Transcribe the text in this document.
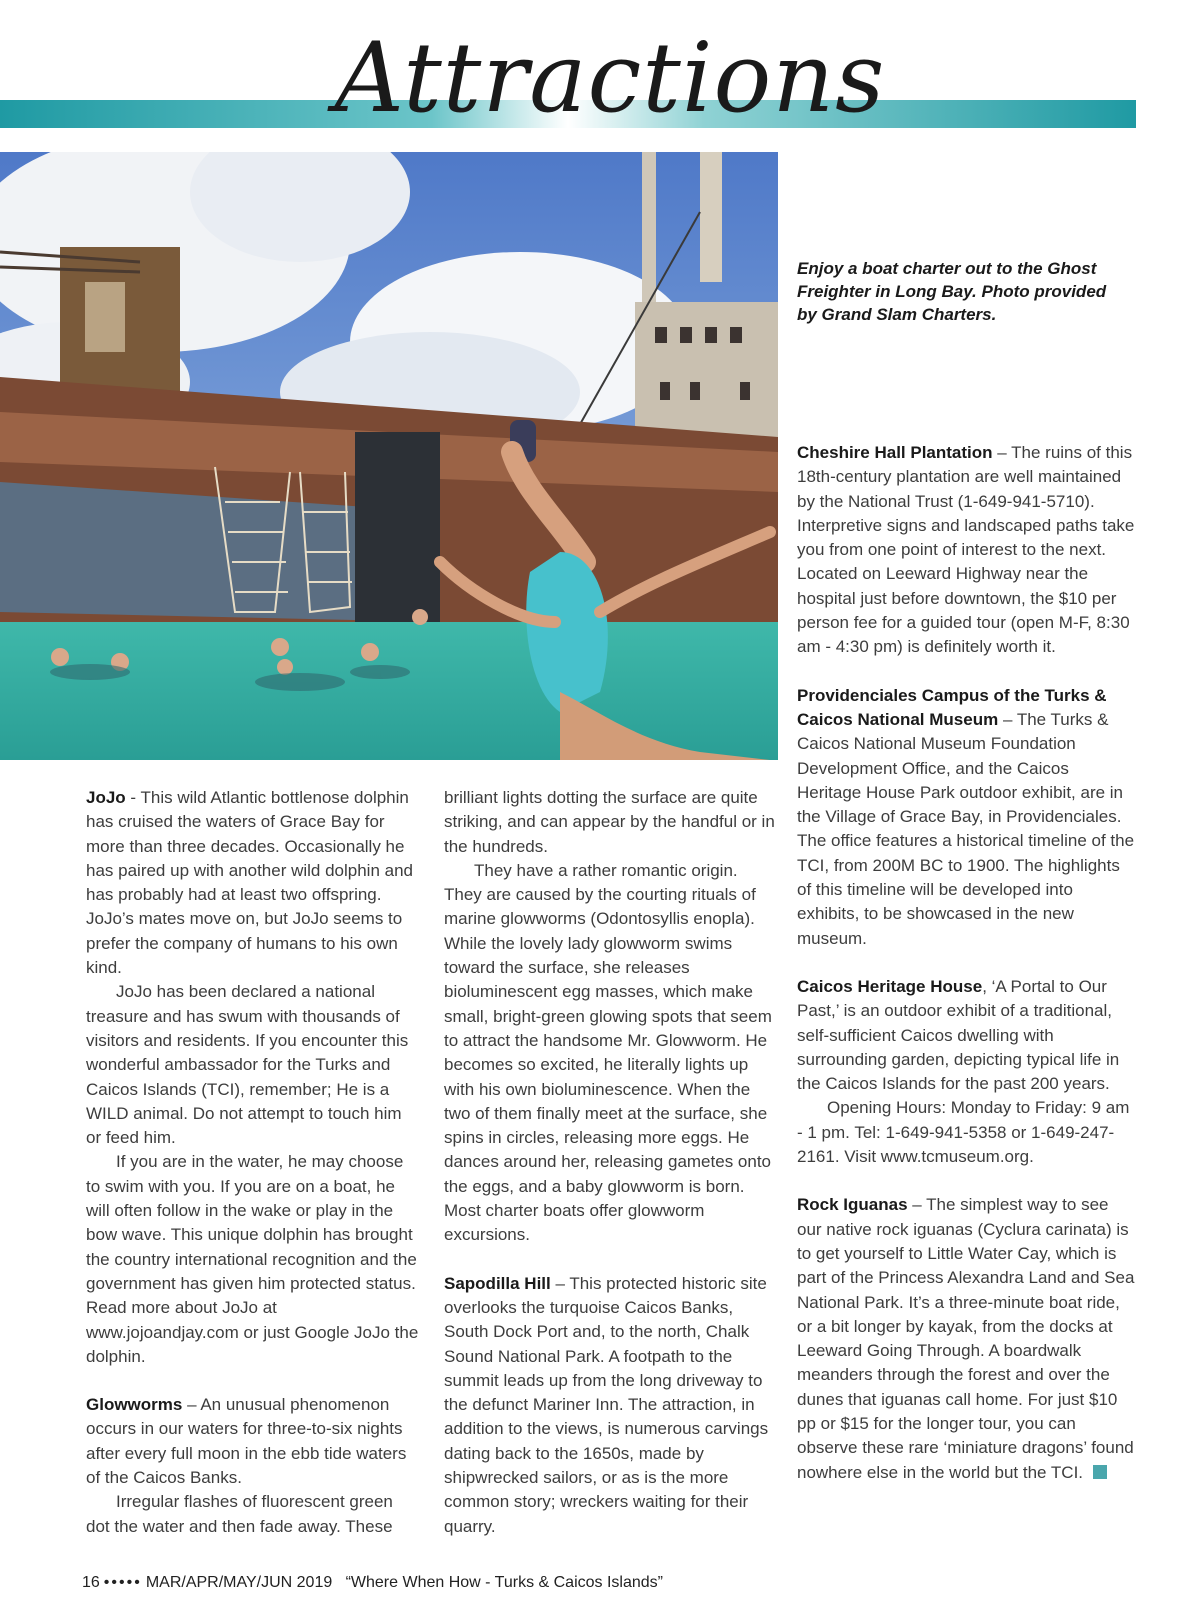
Attractions
Enjoy a boat charter out to the Ghost Freighter in Long Bay. Photo provided by Grand Slam Charters.

JoJo - This wild Atlantic bottlenose dolphin has cruised the waters of Grace Bay for more than three decades. Occasionally he has paired up with another wild dolphin and has probably had at least two offspring. JoJo’s mates move on, but JoJo seems to prefer the company of humans to his own kind.

JoJo has been declared a national treasure and has swum with thousands of visitors and residents. If you encounter this wonderful ambassador for the Turks and Caicos Islands (TCI), remember; He is a WILD animal. Do not attempt to touch him or feed him.

If you are in the water, he may choose to swim with you. If you are on a boat, he will often follow in the wake or play in the bow wave. This unique dolphin has brought the country international recognition and the government has given him protected status. Read more about JoJo at www.jojoandjay.com or just Google JoJo the dolphin.

Glowworms – An unusual phenomenon occurs in our waters for three-to-six nights after every full moon in the ebb tide waters of the Caicos Banks.

Irregular flashes of fluorescent green dot the water and then fade away. These

brilliant lights dotting the surface are quite striking, and can appear by the handful or in the hundreds.

They have a rather romantic origin. They are caused by the courting rituals of marine glowworms (Odontosyllis enopla). While the lovely lady glowworm swims toward the surface, she releases bioluminescent egg masses, which make small, bright-green glowing spots that seem to attract the handsome Mr. Glowworm. He becomes so excited, he literally lights up with his own bioluminescence. When the two of them finally meet at the surface, she spins in circles, releasing more eggs. He dances around her, releasing gametes onto the eggs, and a baby glowworm is born. Most charter boats offer glowworm excursions.

Sapodilla Hill – This protected historic site overlooks the turquoise Caicos Banks, South Dock Port and, to the north, Chalk Sound National Park. A footpath to the summit leads up from the long driveway to the defunct Mariner Inn. The attraction, in addition to the views, is numerous carvings dating back to the 1650s, made by shipwrecked sailors, or as is the more common story; wreckers waiting for their quarry.

Cheshire Hall Plantation – The ruins of this 18th-century plantation are well maintained by the National Trust (1-649-941-5710). Interpretive signs and landscaped paths take you from one point of interest to the next. Located on Leeward Highway near the hospital just before downtown, the $10 per person fee for a guided tour (open M-F, 8:30 am - 4:30 pm) is definitely worth it.

Providenciales Campus of the Turks & Caicos National Museum – The Turks & Caicos National Museum Foundation Development Office, and the Caicos Heritage House Park outdoor exhibit, are in the Village of Grace Bay, in Providenciales. The office features a historical timeline of the TCI, from 200M BC to 1900. The highlights of this timeline will be developed into exhibits, to be showcased in the new museum.

Caicos Heritage House, ‘A Portal to Our Past,’ is an outdoor exhibit of a traditional, self-sufficient Caicos dwelling with surrounding garden, depicting typical life in the Caicos Islands for the past 200 years.

Opening Hours: Monday to Friday: 9 am - 1 pm. Tel: 1-649-941-5358 or 1-649-247-2161. Visit www.tcmuseum.org.

Rock Iguanas – The simplest way to see our native rock iguanas (Cyclura carinata) is to get yourself to Little Water Cay, which is part of the Princess Alexandra Land and Sea National Park. It’s a three-minute boat ride, or a bit longer by kayak, from the docks at Leeward Going Through. A boardwalk meanders through the forest and over the dunes that iguanas call home. For just $10 pp or $15 for the longer tour, you can observe these rare ‘miniature dragons’ found nowhere else in the world but the TCI.

16 ••••• MAR/APR/MAY/JUN 2019 “Where When How - Turks & Caicos Islands”
